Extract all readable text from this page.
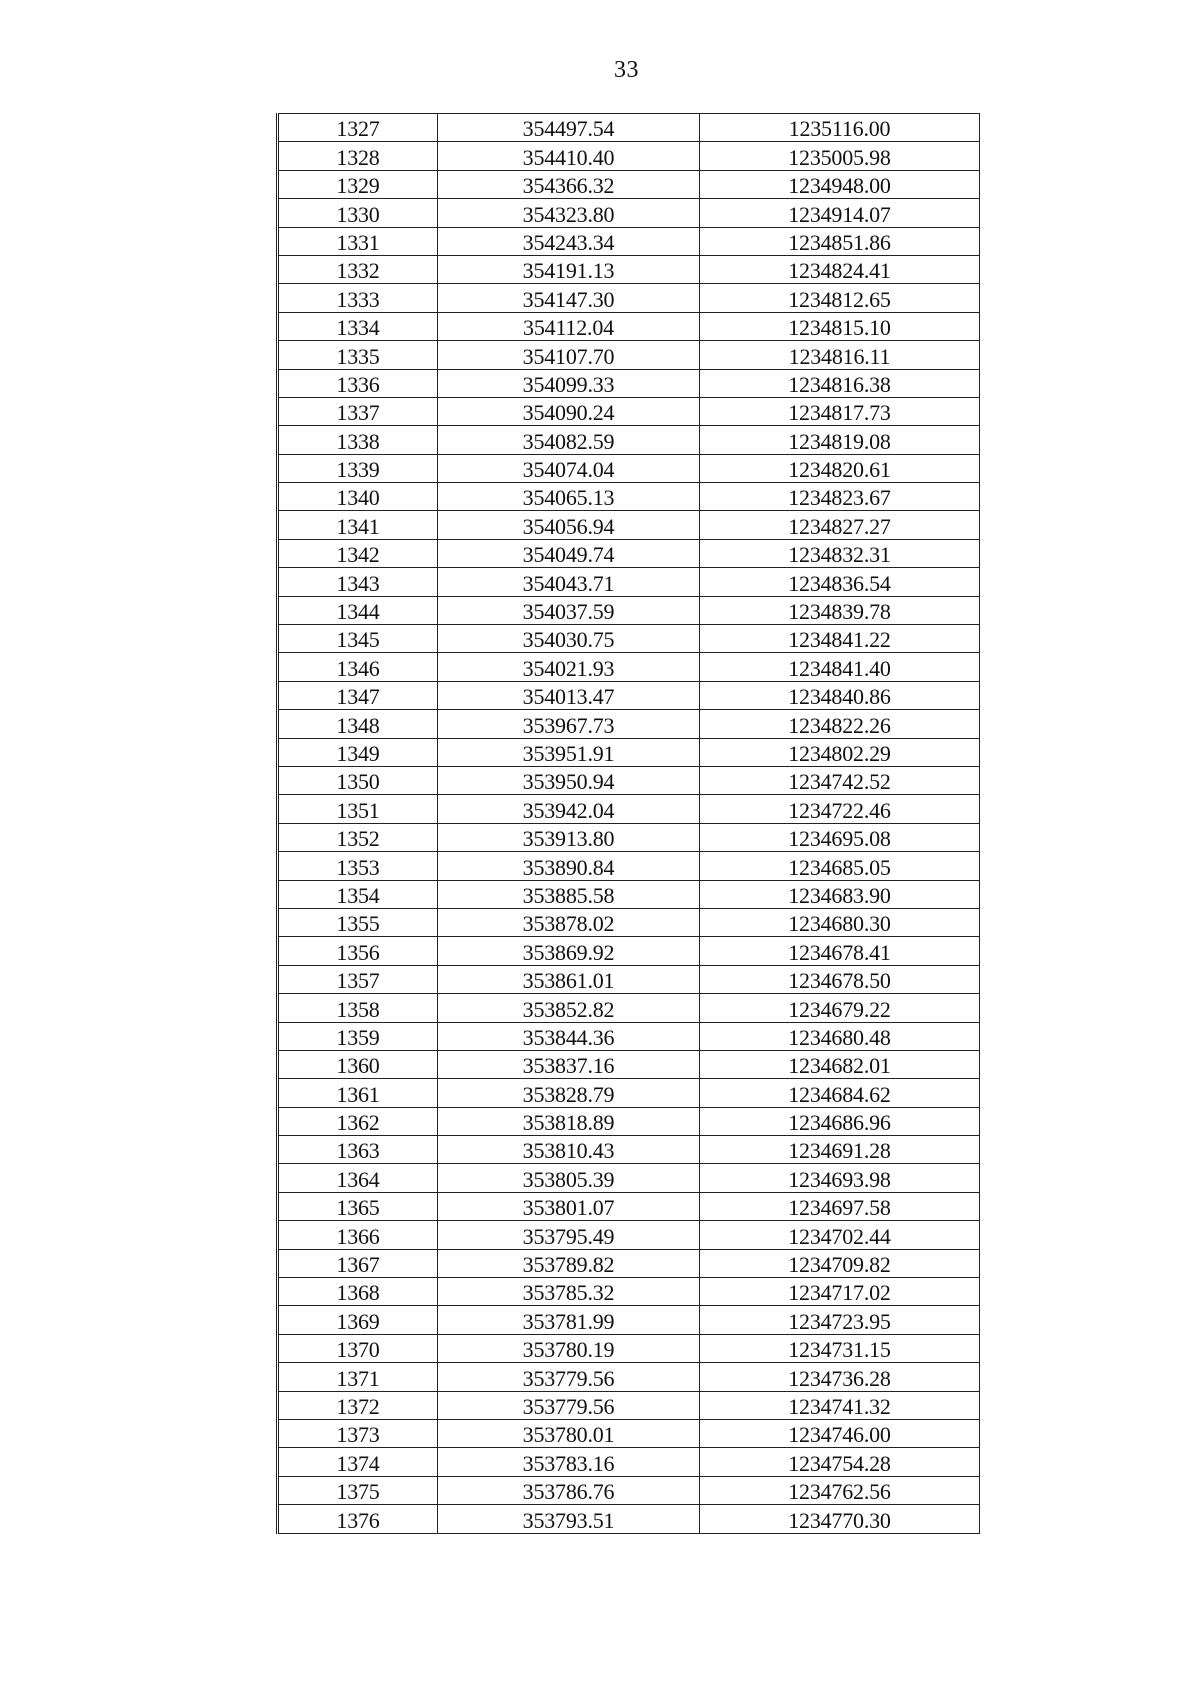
33
1327	354497.54	1235116.00
1328	354410.40	1235005.98
1329	354366.32	1234948.00
1330	354323.80	1234914.07
1331	354243.34	1234851.86
1332	354191.13	1234824.41
1333	354147.30	1234812.65
1334	354112.04	1234815.10
1335	354107.70	1234816.11
1336	354099.33	1234816.38
1337	354090.24	1234817.73
1338	354082.59	1234819.08
1339	354074.04	1234820.61
1340	354065.13	1234823.67
1341	354056.94	1234827.27
1342	354049.74	1234832.31
1343	354043.71	1234836.54
1344	354037.59	1234839.78
1345	354030.75	1234841.22
1346	354021.93	1234841.40
1347	354013.47	1234840.86
1348	353967.73	1234822.26
1349	353951.91	1234802.29
1350	353950.94	1234742.52
1351	353942.04	1234722.46
1352	353913.80	1234695.08
1353	353890.84	1234685.05
1354	353885.58	1234683.90
1355	353878.02	1234680.30
1356	353869.92	1234678.41
1357	353861.01	1234678.50
1358	353852.82	1234679.22
1359	353844.36	1234680.48
1360	353837.16	1234682.01
1361	353828.79	1234684.62
1362	353818.89	1234686.96
1363	353810.43	1234691.28
1364	353805.39	1234693.98
1365	353801.07	1234697.58
1366	353795.49	1234702.44
1367	353789.82	1234709.82
1368	353785.32	1234717.02
1369	353781.99	1234723.95
1370	353780.19	1234731.15
1371	353779.56	1234736.28
1372	353779.56	1234741.32
1373	353780.01	1234746.00
1374	353783.16	1234754.28
1375	353786.76	1234762.56
1376	353793.51	1234770.30
